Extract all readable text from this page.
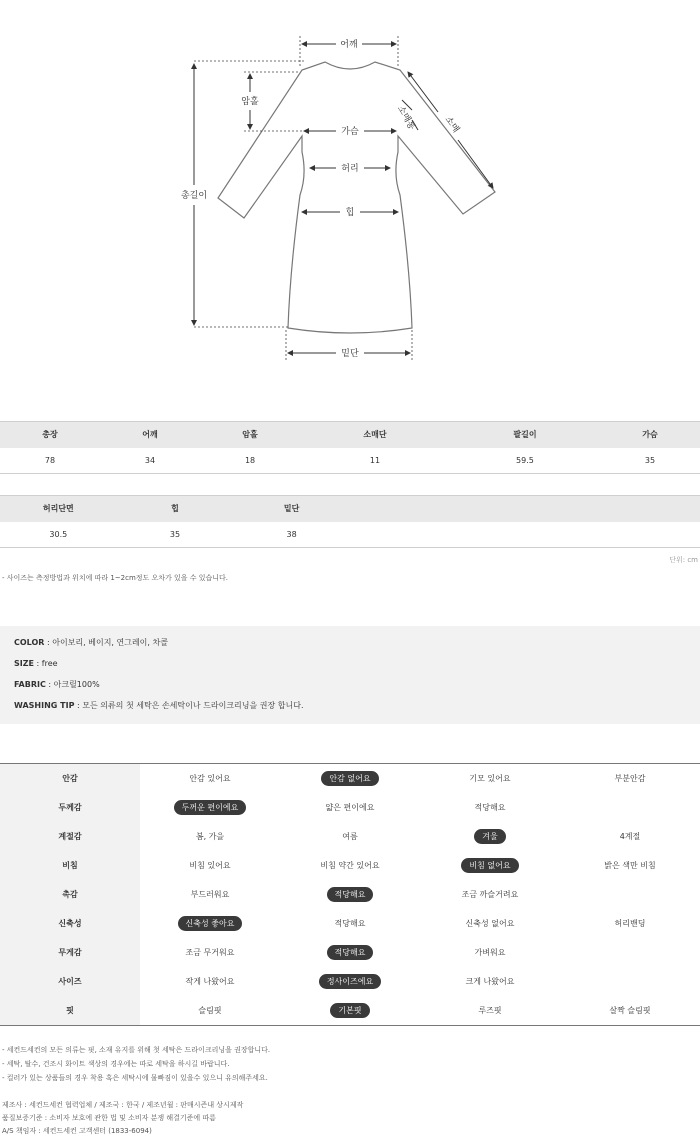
어깨
총길이
암홀
가슴
허리
힙
밑단
소매통	소매
총장	어깨	암홀	소매단	팔길이	가슴
78	34	18	11	59.5	35
허리단면	힙	밑단			
30.5	35	38			
단위: cm
- 사이즈는 측정방법과 위치에 따라 1~2cm정도 오차가 있을 수 있습니다.
COLOR : 아이보리, 베이지, 연그레이, 차콜
SIZE : free
FABRIC : 아크릴100%
WASHING TIP : 모든 의류의 첫 세탁은 손세탁이나 드라이크리닝을 권장 합니다.
안감	안감 있어요	안감 없어요	기모 있어요	부분안감
두께감	두꺼운 편이에요	얇은 편이에요	적당해요	
계절감	봄, 가을	여름	겨울	4계절
비침	비침 있어요	비침 약간 있어요	비침 없어요	밝은 색만 비침
촉감	부드러워요	적당해요	조금 까슬거려요	
신축성	신축성 좋아요	적당해요	신축성 없어요	허리밴딩
무게감	조금 무거워요	적당해요	가벼워요	
사이즈	작게 나왔어요	정사이즈에요	크게 나왔어요	
핏	슬림핏	기본핏	루즈핏	살짝 슬림핏
- 세컨드세컨의 모든 의류는 핏, 소재 유지를 위해 첫 세탁은 드라이크리닝을 권장합니다.
- 세탁, 탈수, 건조시 화이트 색상의 경우에는 따로 세탁을 하시길 바랍니다.
- 컬러가 있는 상품들의 경우 착용 혹은 세탁시에 물빠짐이 있을수 있으니 유의해주세요.
제조사 : 세컨드세컨 협력업체 / 제조국 : 한국 / 제조년월 : 판매시즌내 상시제작
품질보증기준 : 소비자 보호에 관한 법 및 소비자 분쟁 해결기준에 따름
A/S 책임자 : 세컨드세컨 고객센터 (1833-6094)
